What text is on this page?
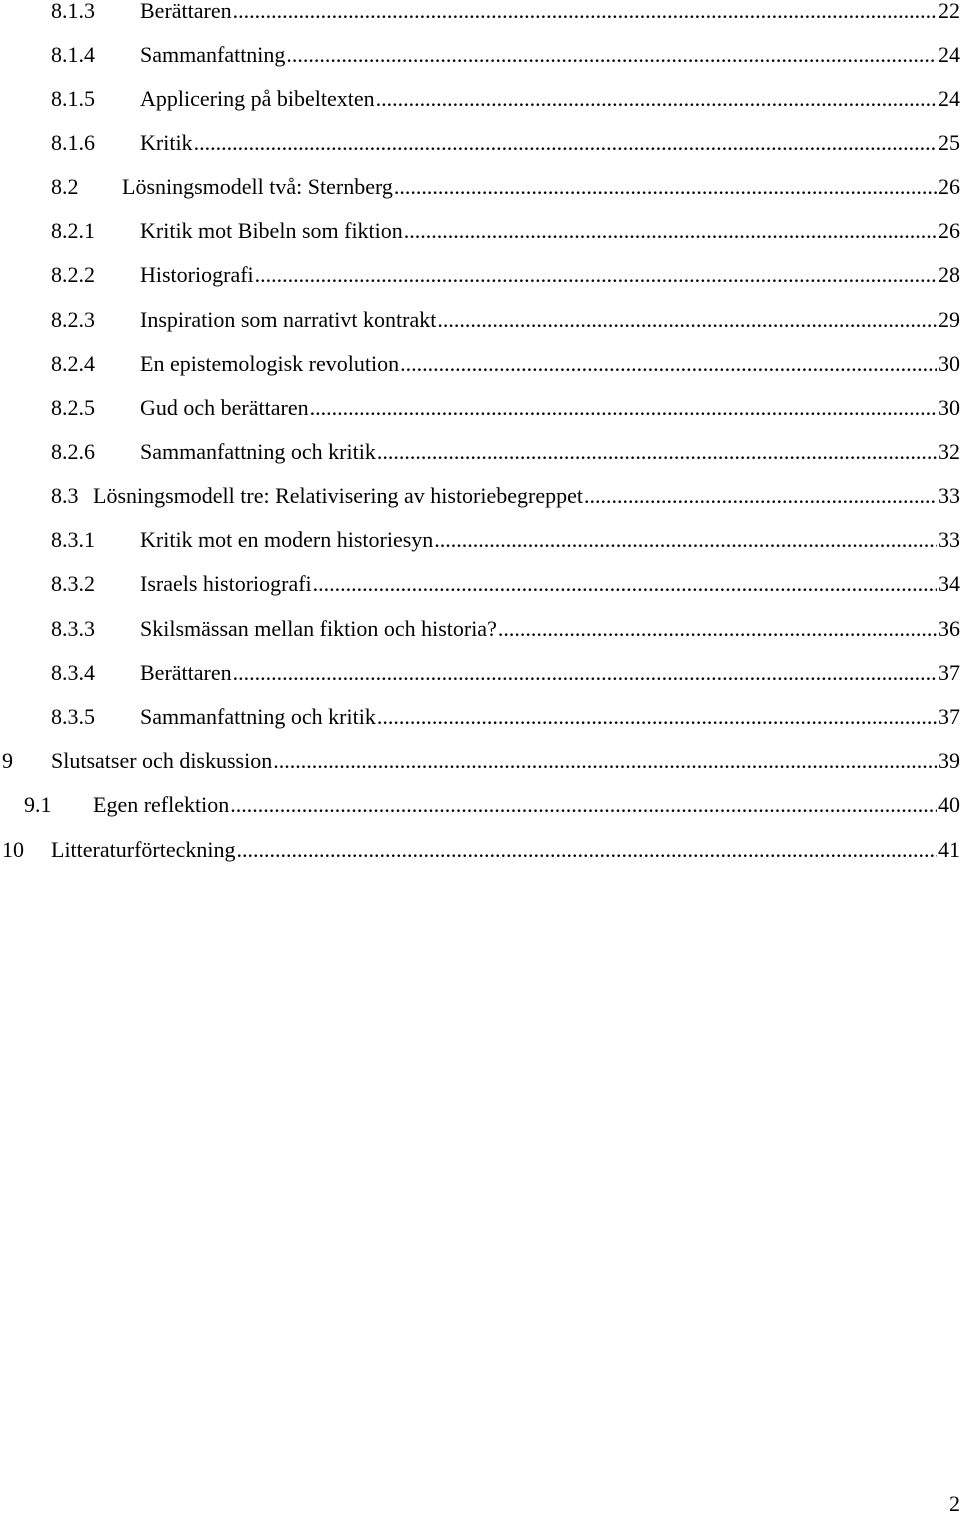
8.1.3 Berättaren .....	22
8.1.4 Sammanfattning .....	24
8.1.5 Applicering på bibeltexten .....	24
8.1.6 Kritik .....	25
8.2 Lösningsmodell två: Sternberg .....	26
8.2.1 Kritik mot Bibeln som fiktion .....	26
8.2.2 Historiografi .....	28
8.2.3 Inspiration som narrativt kontrakt .....	29
8.2.4 En epistemologisk revolution .....	30
8.2.5 Gud och berättaren .....	30
8.2.6 Sammanfattning och kritik .....	32
8.3 Lösningsmodell tre: Relativisering av historiebegreppet .....	33
8.3.1 Kritik mot en modern historiesyn .....	33
8.3.2 Israels historiografi .....	34
8.3.3 Skilsmässan mellan fiktion och historia? .....	36
8.3.4 Berättaren .....	37
8.3.5 Sammanfattning och kritik .....	37
9 Slutsatser och diskussion .....	39
9.1 Egen reflektion .....	40
10 Litteraturförteckning .....	41
2
